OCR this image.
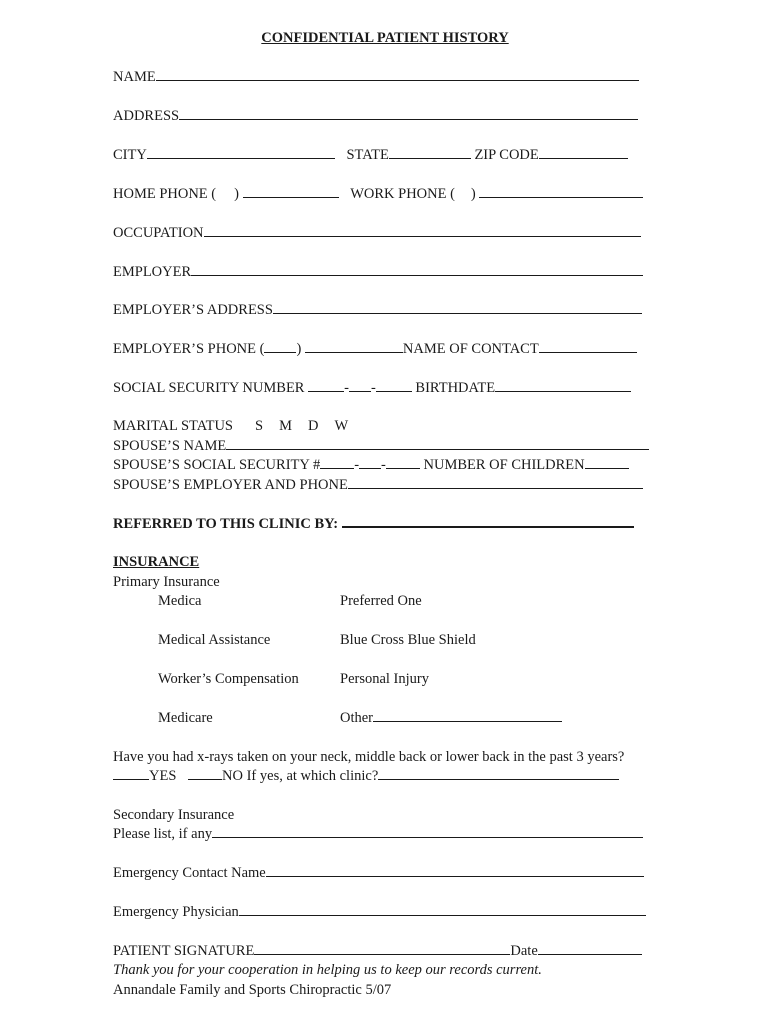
CONFIDENTIAL PATIENT HISTORY
NAME
ADDRESS
CITY	STATE	ZIP CODE
HOME PHONE ( )	WORK PHONE ( )
OCCUPATION
EMPLOYER
EMPLOYER’S ADDRESS
EMPLOYER’S PHONE ( )	NAME OF CONTACT
SOCIAL SECURITY NUMBER	- -	BIRTHDATE
MARITAL STATUS S M D W
SPOUSE’S NAME
SPOUSE’S SOCIAL SECURITY # - -	NUMBER OF CHILDREN
SPOUSE’S EMPLOYER AND PHONE
REFERRED TO THIS CLINIC BY:
INSURANCE
Primary Insurance
Medica	Preferred One
Medical Assistance	Blue Cross Blue Shield
Worker’s Compensation	Personal Injury
Medicare	Other
Have you had x-rays taken on your neck, middle back or lower back in the past 3 years?
YES	NO If yes, at which clinic?
Secondary Insurance
Please list, if any
Emergency Contact Name
Emergency Physician
PATIENT SIGNATURE	Date
Thank you for your cooperation in helping us to keep our records current.
Annandale Family and Sports Chiropractic 5/07
